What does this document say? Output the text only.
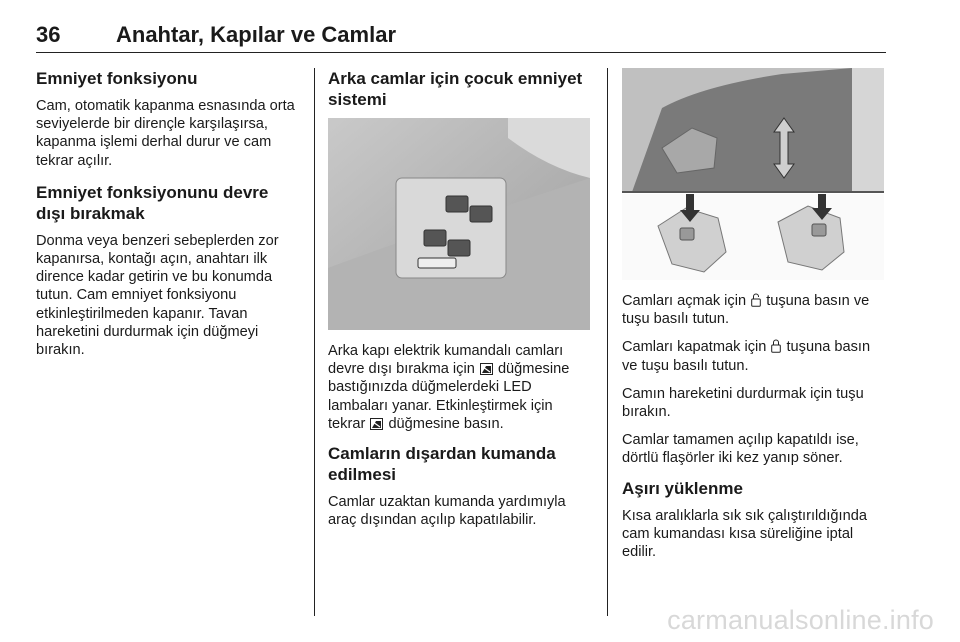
36	Anahtar, Kapılar ve Camlar
Emniyet fonksiyonu

Cam, otomatik kapanma esnasında orta seviyelerde bir dirençle karşılaşırsa, kapanma işlemi derhal durur ve cam tekrar açılır.

Emniyet fonksiyonunu devre dışı bırakmak

Donma veya benzeri sebeplerden zor kapanırsa, kontağı açın, anahtarı ilk dirence kadar getirin ve bu konumda tutun. Cam emniyet fonksiyonu etkinleştirilmeden kapanır. Tavan hareketini durdurmak için düğmeyi bırakın.

Arka camlar için çocuk emniyet sistemi

Arka kapı elektrik kumandalı camları devre dışı bırakma için düğmesine bastığınızda düğmelerdeki LED lambaları yanar. Etkinleştirmek için tekrar düğmesine basın.

Camların dışardan kumanda edilmesi

Camlar uzaktan kumanda yardımıyla araç dışından açılıp kapatılabilir.

Camları açmak için tuşuna basın ve tuşu basılı tutun.

Camları kapatmak için tuşuna basın ve tuşu basılı tutun.

Camın hareketini durdurmak için tuşu bırakın.

Camlar tamamen açılıp kapatıldı ise, dörtlü flaşörler iki kez yanıp söner.

Aşırı yüklenme

Kısa aralıklarla sık sık çalıştırıldığında cam kumandası kısa süreliğine iptal edilir.

carmanualsonline.info
